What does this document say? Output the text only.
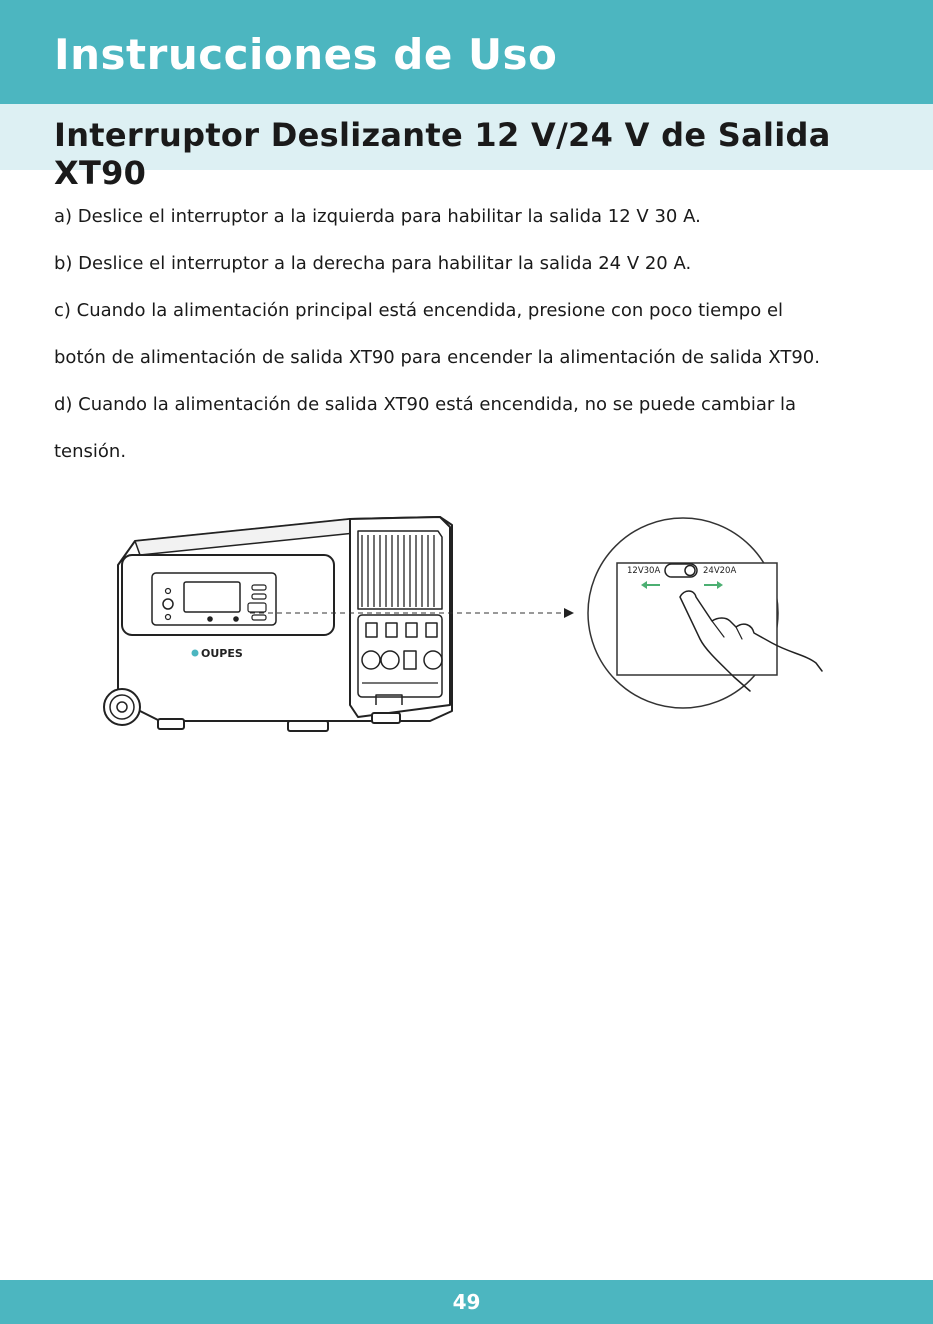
Instrucciones de Uso
Interruptor Deslizante 12 V/24 V de Salida XT90
a) Deslice el interruptor a la izquierda para habilitar la salida 12 V 30 A.
b) Deslice el interruptor a la derecha para habilitar la salida 24 V 20 A.
c) Cuando la alimentación principal está encendida, presione con poco tiempo el
botón de alimentación de salida XT90 para encender la alimentación de salida XT90.
d) Cuando la alimentación de salida XT90 está encendida, no se puede cambiar la
tensión.
OUPES
12V30A	24V20A
49
